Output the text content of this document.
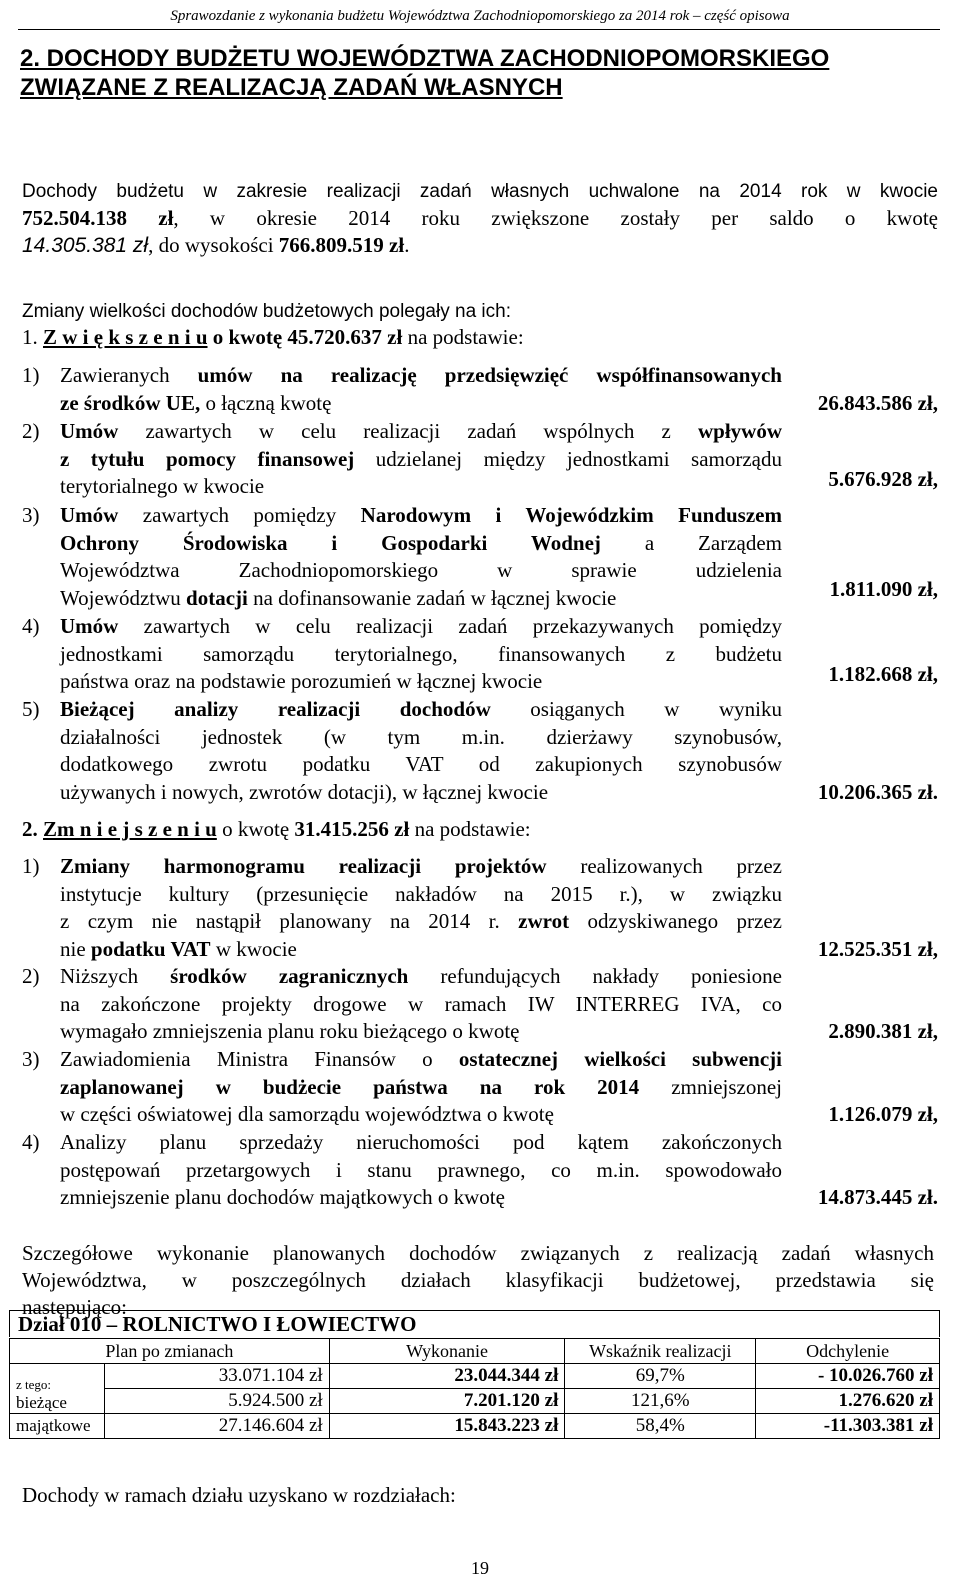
Sprawozdanie z wykonania budżetu Województwa Zachodniopomorskiego za 2014 rok – część opisowa
2. DOCHODY BUDŻETU WOJEWÓDZTWA ZACHODNIOPOMORSKIEGO
ZWIĄZANE Z REALIZACJĄ ZADAŃ WŁASNYCH
Dochody budżetu w zakresie realizacji zadań własnych uchwalone na 2014 rok w kwocie
752.504.138 zł, w okresie 2014 roku zwiększone zostały per saldo o kwotę
14.305.381 zł, do wysokości 766.809.519 zł.
Zmiany wielkości dochodów budżetowych polegały na ich:
1. Z w i ę k s z e n i u o kwotę 45.720.637 zł na podstawie:
1) Zawieranych umów na realizację przedsięwzięć współfinansowanych
ze środków UE, o łączną kwotę	26.843.586 zł,
2) Umów zawartych w celu realizacji zadań wspólnych z wpływów
z tytułu pomocy finansowej udzielanej między jednostkami samorządu
terytorialnego w kwocie	5.676.928 zł,
3) Umów zawartych pomiędzy Narodowym i Wojewódzkim Funduszem
Ochrony Środowiska i Gospodarki Wodnej a Zarządem
Województwa Zachodniopomorskiego w sprawie udzielenia
Województwu dotacji na dofinansowanie zadań w łącznej kwocie	1.811.090 zł,
4) Umów zawartych w celu realizacji zadań przekazywanych pomiędzy
jednostkami samorządu terytorialnego, finansowanych z budżetu
państwa oraz na podstawie porozumień w łącznej kwocie	1.182.668 zł,
5) Bieżącej analizy realizacji dochodów osiąganych w wyniku
działalności jednostek (w tym m.in. dzierżawy szynobusów,
dodatkowego zwrotu podatku VAT od zakupionych szynobusów
używanych i nowych, zwrotów dotacji), w łącznej kwocie	10.206.365 zł.
2. Zm n i e j s z e n i u o kwotę 31.415.256 zł na podstawie:
1) Zmiany harmonogramu realizacji projektów realizowanych przez
instytucje kultury (przesunięcie nakładów na 2015 r.), w związku
z czym nie nastąpił planowany na 2014 r. zwrot odzyskiwanego przez
nie podatku VAT w kwocie	12.525.351 zł,
2) Niższych środków zagranicznych refundujących nakłady poniesione
na zakończone projekty drogowe w ramach IW INTERREG IVA, co
wymagało zmniejszenia planu roku bieżącego o kwotę	2.890.381 zł,
3) Zawiadomienia Ministra Finansów o ostatecznej wielkości subwencji
zaplanowanej w budżecie państwa na rok 2014 zmniejszonej
w części oświatowej dla samorządu województwa o kwotę	1.126.079 zł,
4) Analizy planu sprzedaży nieruchomości pod kątem zakończonych
postępowań przetargowych i stanu prawnego, co m.in. spowodowało
zmniejszenie planu dochodów majątkowych o kwotę	14.873.445 zł.
Szczegółowe wykonanie planowanych dochodów związanych z realizacją zadań własnych
Województwa, w poszczególnych działach klasyfikacji budżetowej, przedstawia się
następująco:
Dział 010 – ROLNICTWO I ŁOWIECTWO
Plan po zmianach		Wykonanie	Wskaźnik realizacji	Odchylenie

z tego:
bieżące	33.071.104 zł	23.044.344 zł	69,7%	- 10.026.760 zł
	5.924.500 zł	7.201.120 zł	121,6%	1.276.620 zł
majątkowe	27.146.604 zł	15.843.223 zł	58,4%	-11.303.381 zł
Dochody w ramach działu uzyskano w rozdziałach:
19
